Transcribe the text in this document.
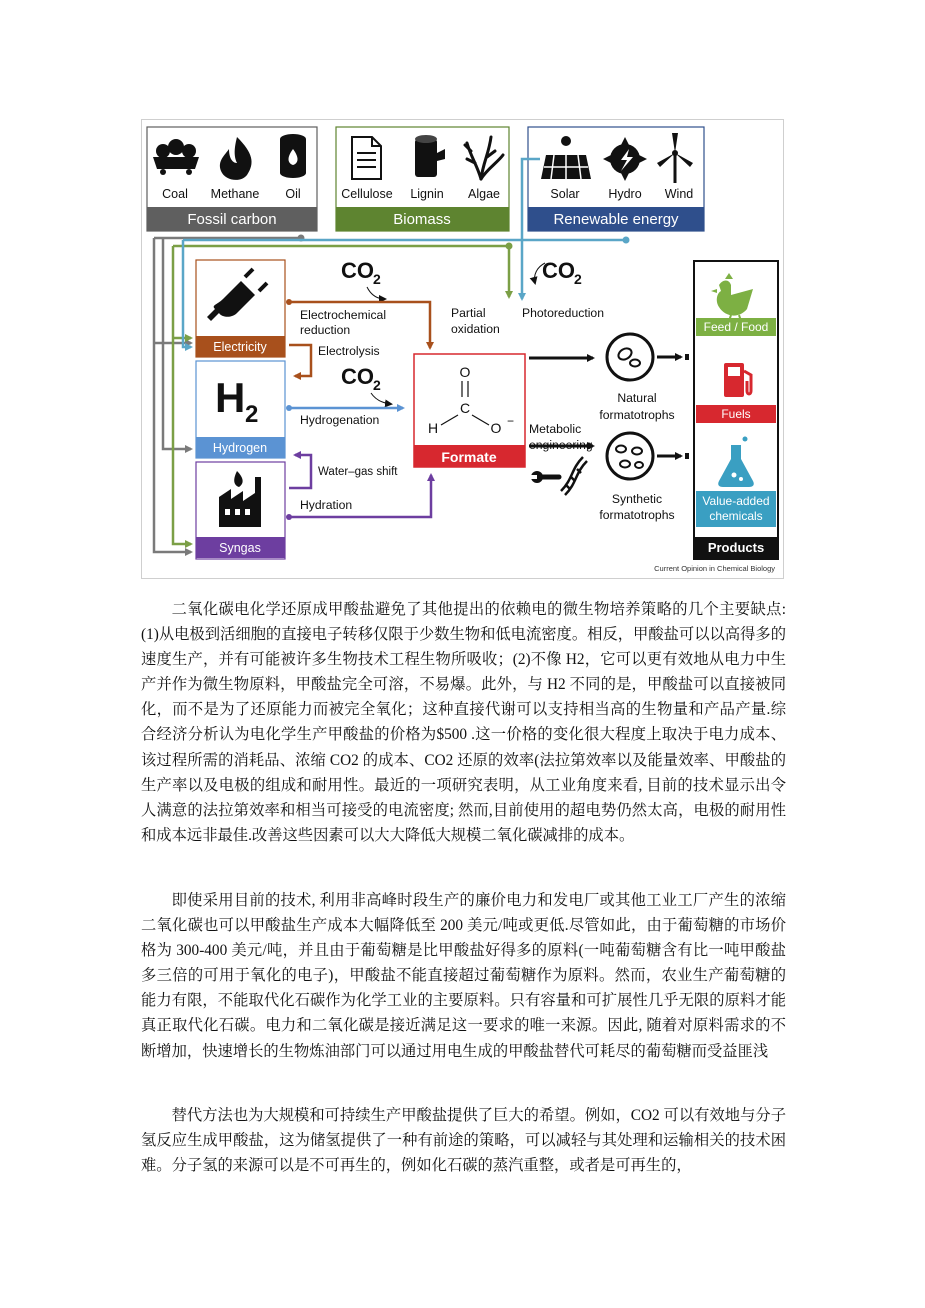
Coal Methane Oil
Fossil carbon
Cellulose Lignin Algae
Biomass
Solar Hydro Wind
Renewable energy
Electricity
H 2
Hydrogen
Syngas
CO 2	CO 2
CO 2
Electrochemical
reduction
Partial
oxidation
Photoreduction
Electrolysis
Hydrogenation
Water–gas shift
Hydration
O
C
H	O −
Formate
Natural
formatotrophs
Synthetic
formatotrophs
Metabolic
engineering
Feed / Food
Fuels
Value-added
chemicals
Products
Current Opinion in Chemical Biology

二氧化碳电化学还原成甲酸盐避免了其他提出的依赖电的微生物培养策略的几个主要缺点:(1)从电极到活细胞的直接电子转移仅限于少数生物和低电流密度。相反，甲酸盐可以以高得多的速度生产，并有可能被许多生物技术工程生物所吸收；(2)不像 H2，它可以更有效地从电力中生产并作为微生物原料，甲酸盐完全可溶，不易爆。此外，与 H2 不同的是，甲酸盐可以直接被同化，而不是为了还原能力而被完全氧化；这种直接代谢可以支持相当高的生物量和产品产量.综合经济分析认为电化学生产甲酸盐的价格为$500 .这一价格的变化很大程度上取决于电力成本、该过程所需的消耗品、浓缩 CO2 的成本、CO2 还原的效率(法拉第效率以及能量效率、甲酸盐的生产率以及电极的组成和耐用性。最近的一项研究表明，从工业角度来看, 目前的技术显示出令人满意的法拉第效率和相当可接受的电流密度; 然而,目前使用的超电势仍然太高，电极的耐用性和成本远非最佳.改善这些因素可以大大降低大规模二氧化碳减排的成本。

即使采用目前的技术, 利用非高峰时段生产的廉价电力和发电厂或其他工业工厂产生的浓缩二氧化碳也可以甲酸盐生产成本大幅降低至 200 美元/吨或更低.尽管如此，由于葡萄糖的市场价格为 300-400 美元/吨，并且由于葡萄糖是比甲酸盐好得多的原料(一吨葡萄糖含有比一吨甲酸盐多三倍的可用于氧化的电子)，甲酸盐不能直接超过葡萄糖作为原料。然而，农业生产葡萄糖的能力有限，不能取代化石碳作为化学工业的主要原料。只有容量和可扩展性几乎无限的原料才能真正取代化石碳。电力和二氧化碳是接近满足这一要求的唯一来源。因此, 随着对原料需求的不断增加，快速增长的生物炼油部门可以通过用电生成的甲酸盐替代可耗尽的葡萄糖而受益匪浅

替代方法也为大规模和可持续生产甲酸盐提供了巨大的希望。例如，CO2 可以有效地与分子氢反应生成甲酸盐，这为储氢提供了一种有前途的策略，可以减轻与其处理和运输相关的技术困难。分子氢的来源可以是不可再生的，例如化石碳的蒸汽重整，或者是可再生的，
